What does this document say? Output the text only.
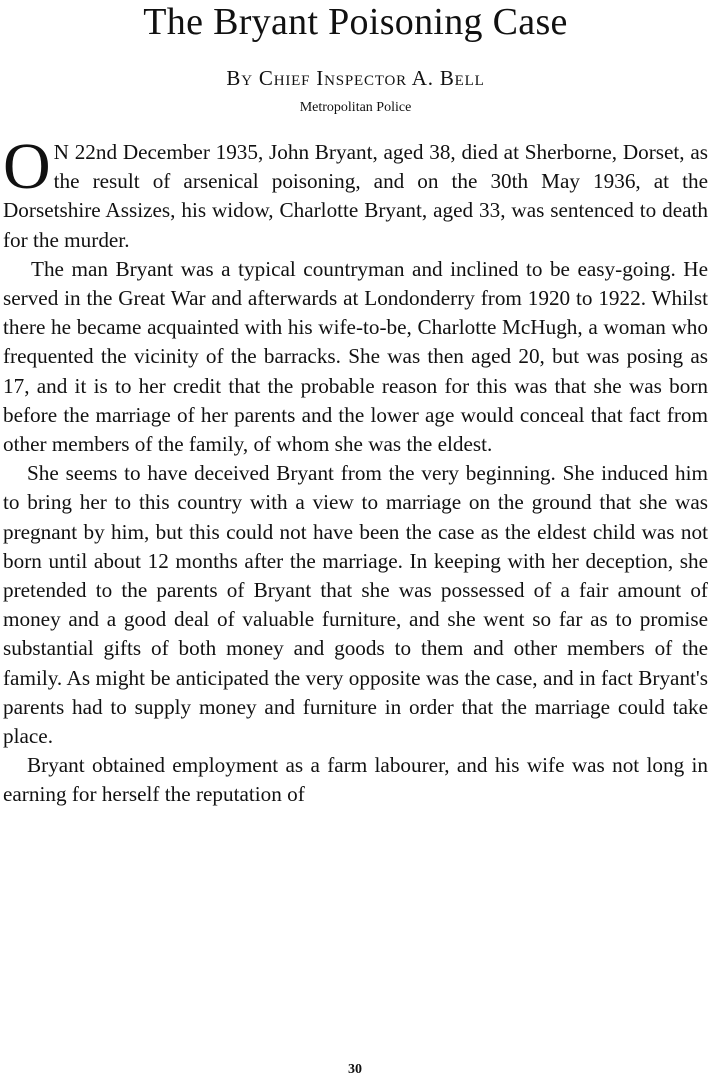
The Bryant Poisoning Case
By Chief Inspector A. Bell
Metropolitan Police

O N 22nd December 1935, John Bryant, aged 38, died at Sherborne, Dorset, as the result of arsenical poisoning, and on the 30th May 1936, at the Dorsetshire Assizes, his widow, Charlotte Bryant, aged 33, was sentenced to death for the murder.

The man Bryant was a typical countryman and inclined to be easy-going. He served in the Great War and afterwards at Londonderry from 1920 to 1922. Whilst there he became acquainted with his wife-to-be, Charlotte McHugh, a woman who frequented the vicinity of the barracks. She was then aged 20, but was posing as 17, and it is to her credit that the probable reason for this was that she was born before the marriage of her parents and the lower age would conceal that fact from other members of the family, of whom she was the eldest.

She seems to have deceived Bryant from the very beginning. She induced him to bring her to this country with a view to marriage on the ground that she was pregnant by him, but this could not have been the case as the eldest child was not born until about 12 months after the marriage. In keeping with her deception, she pretended to the parents of Bryant that she was possessed of a fair amount of money and a good deal of valuable furniture, and she went so far as to promise substantial gifts of both money and goods to them and other members of the family. As might be anticipated the very opposite was the case, and in fact Bryant's parents had to supply money and furniture in order that the marriage could take place.

Bryant obtained employment as a farm labourer, and his wife was not long in earning for herself the reputation of

30
